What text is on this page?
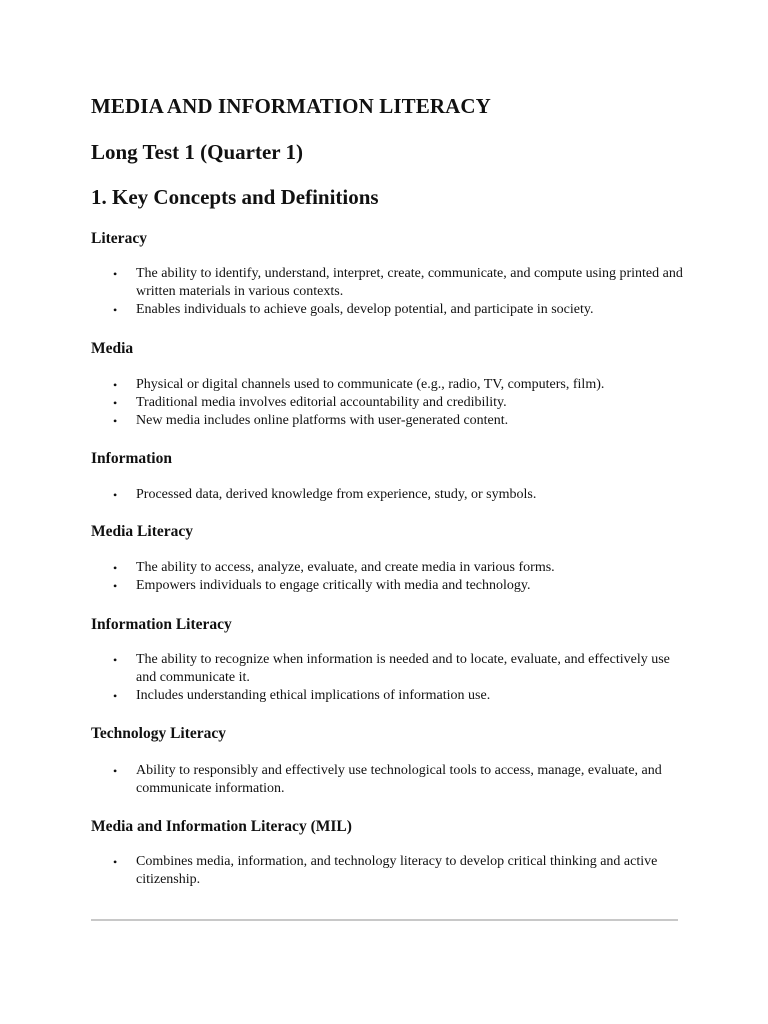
MEDIA AND INFORMATION LITERACY
Long Test 1 (Quarter 1)
1. Key Concepts and Definitions
Literacy
• The ability to identify, understand, interpret, create, communicate, and compute using printed and written materials in various contexts.
• Enables individuals to achieve goals, develop potential, and participate in society.
Media
• Physical or digital channels used to communicate (e.g., radio, TV, computers, film).
• Traditional media involves editorial accountability and credibility.
• New media includes online platforms with user-generated content.
Information
• Processed data, derived knowledge from experience, study, or symbols.
Media Literacy
• The ability to access, analyze, evaluate, and create media in various forms.
• Empowers individuals to engage critically with media and technology.
Information Literacy
• The ability to recognize when information is needed and to locate, evaluate, and effectively use and communicate it.
• Includes understanding ethical implications of information use.
Technology Literacy
• Ability to responsibly and effectively use technological tools to access, manage, evaluate, and communicate information.
Media and Information Literacy (MIL)
• Combines media, information, and technology literacy to develop critical thinking and active citizenship.
